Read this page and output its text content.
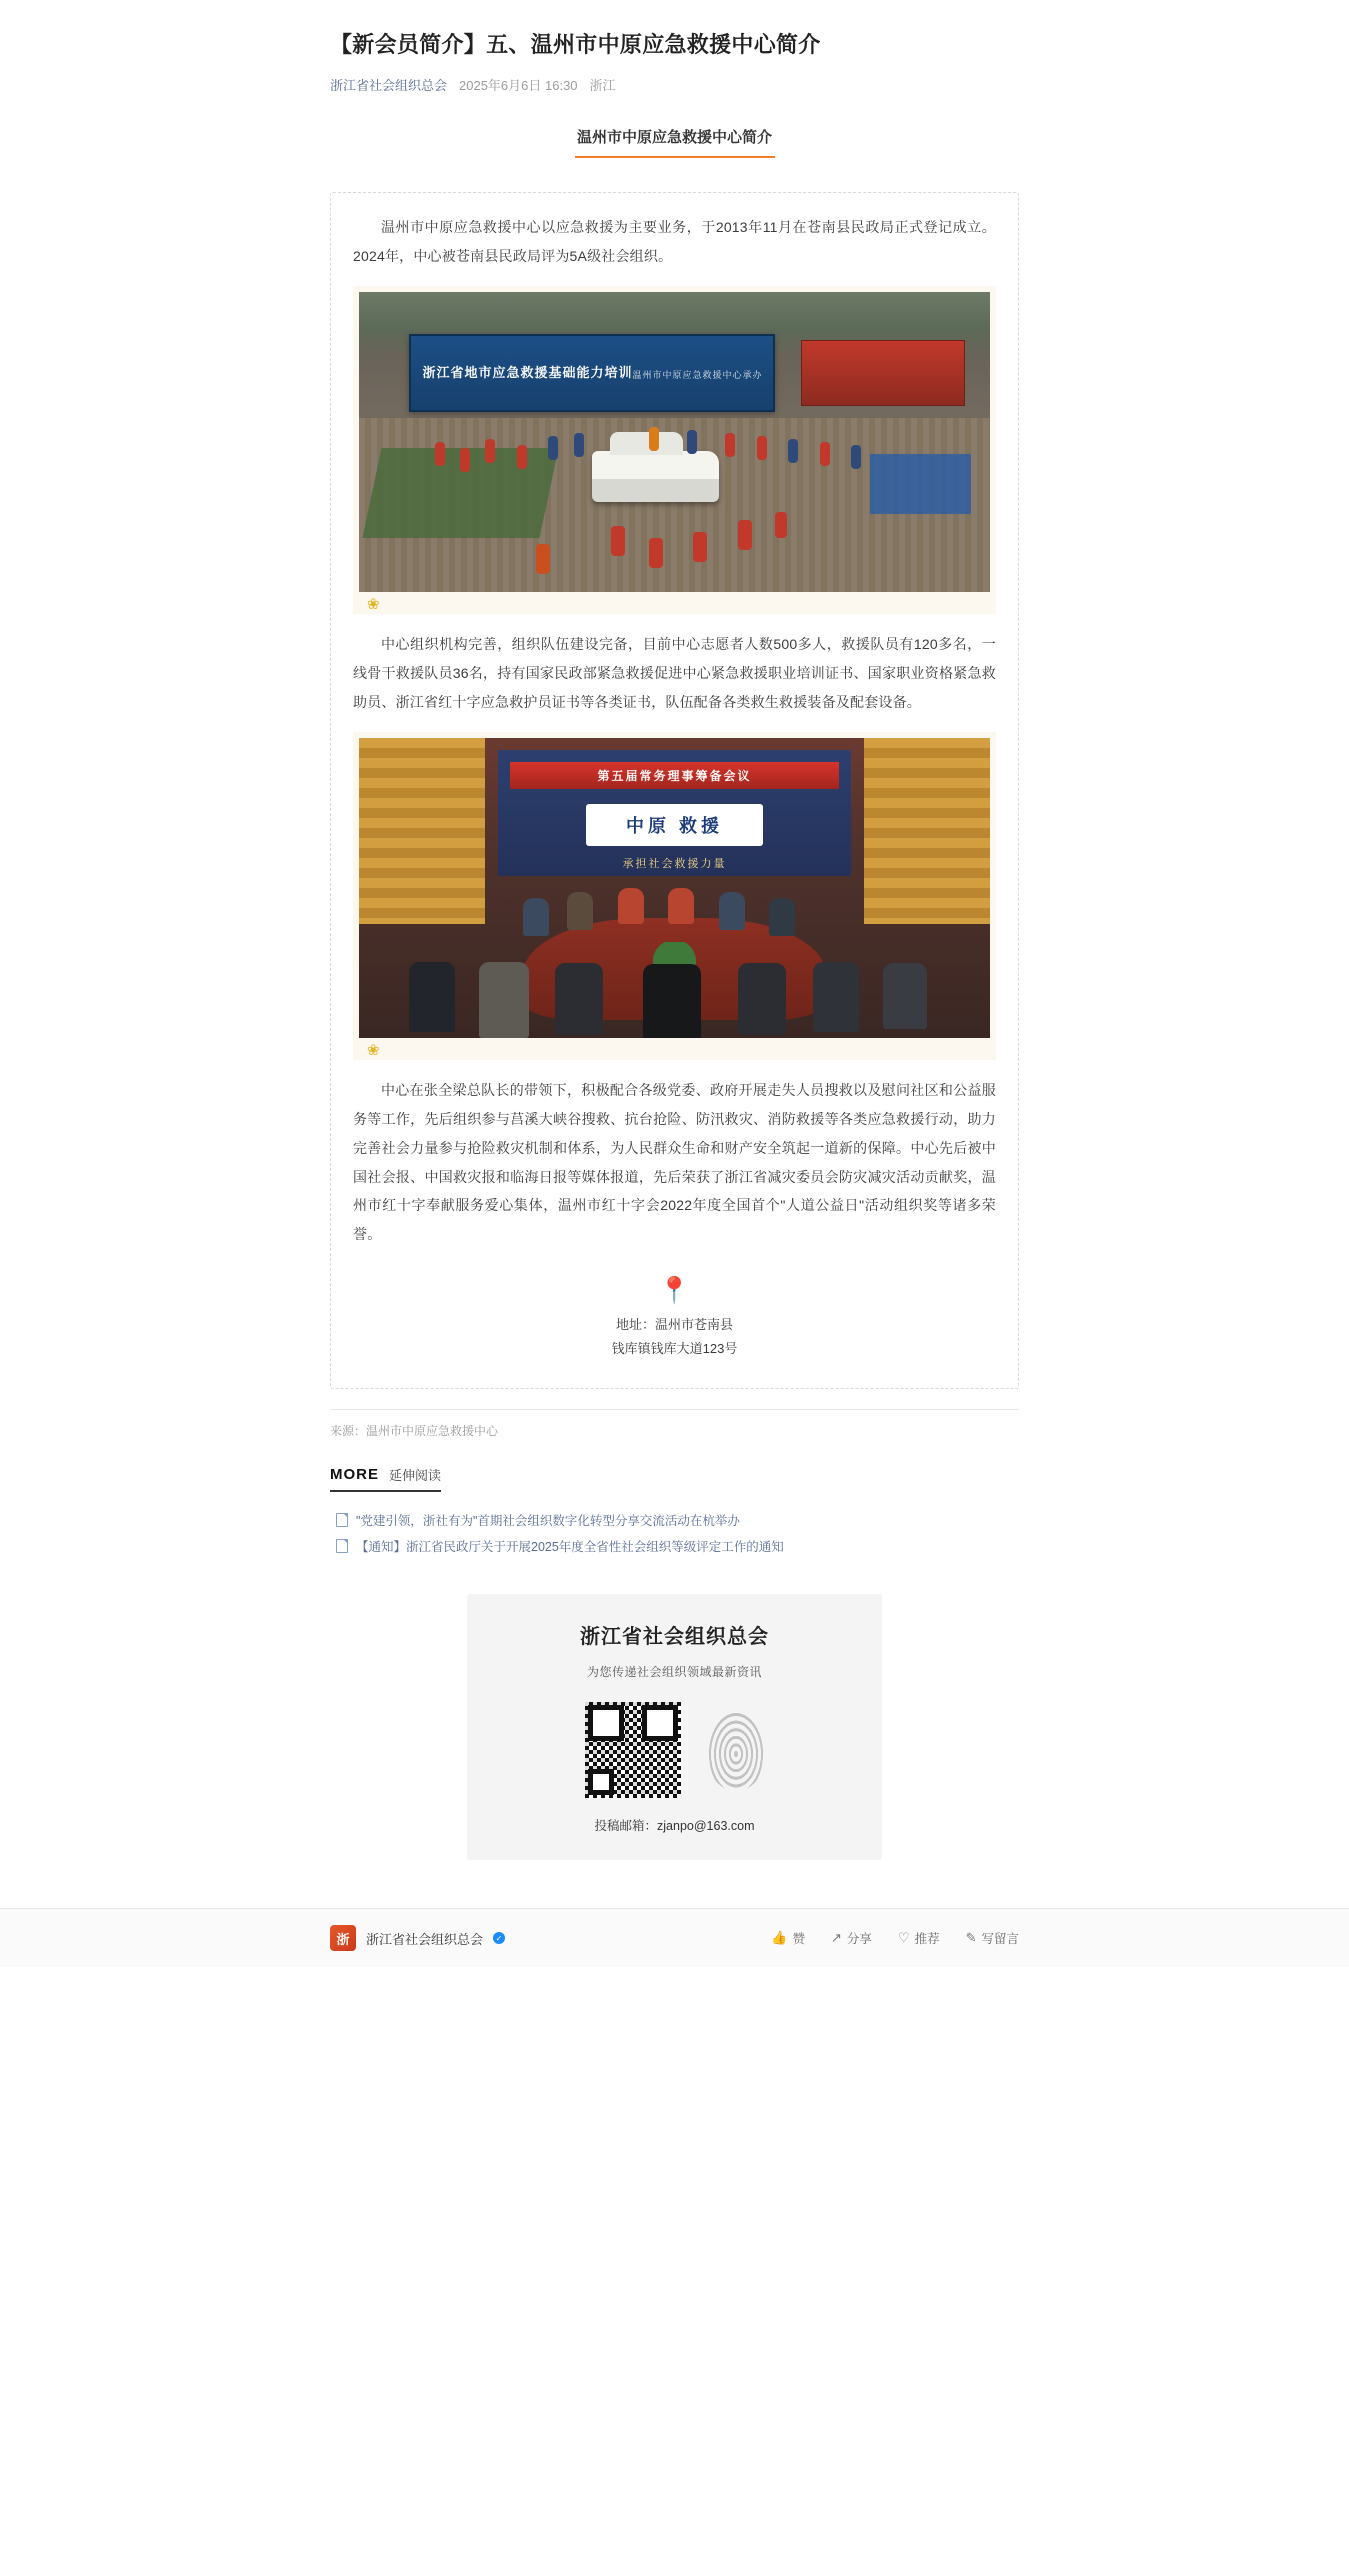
【新会员简介】五、温州市中原应急救援中心简介
浙江省社会组织总会 2025年6月6日 16:30 浙江
温州市中原应急救援中心简介

温州市中原应急救援中心以应急救援为主要业务，于2013年11月在苍南县民政局正式登记成立。2024年，中心被苍南县民政局评为5A级社会组织。

浙江省地市应急救援基础能力培训 温州市中原应急救援中心承办
❀

中心组织机构完善，组织队伍建设完备，目前中心志愿者人数500多人，救援队员有120多名，一线骨干救援队员36名，持有国家民政部紧急救援促进中心紧急救援职业培训证书、国家职业资格紧急救助员、浙江省红十字应急救护员证书等各类证书，队伍配备各类救生救援装备及配套设备。

第五届常务理事筹备会议
中原 救援
承担社会救援力量
❀

中心在张全梁总队长的带领下，积极配合各级党委、政府开展走失人员搜救以及慰问社区和公益服务等工作，先后组织参与莒溪大峡谷搜救、抗台抢险、防汛救灾、消防救援等各类应急救援行动，助力完善社会力量参与抢险救灾机制和体系，为人民群众生命和财产安全筑起一道新的保障。中心先后被中国社会报、中国救灾报和临海日报等媒体报道，先后荣获了浙江省减灾委员会防灾减灾活动贡献奖，温州市红十字奉献服务爱心集体，温州市红十字会2022年度全国首个"人道公益日"活动组织奖等诸多荣誉。

📍
地址：温州市苍南县
钱库镇钱库大道123号
来源：温州市中原应急救援中心
MORE 延伸阅读
"党建引领，浙社有为"首期社会组织数字化转型分享交流活动在杭举办
【通知】浙江省民政厅关于开展2025年度全省性社会组织等级评定工作的通知
浙江省社会组织总会
为您传递社会组织领域最新资讯
投稿邮箱：zjanpo@163.com
浙	浙江省社会组织总会	✓	👍 赞 ↗ 分享 ♡ 推荐 ✎ 写留言
